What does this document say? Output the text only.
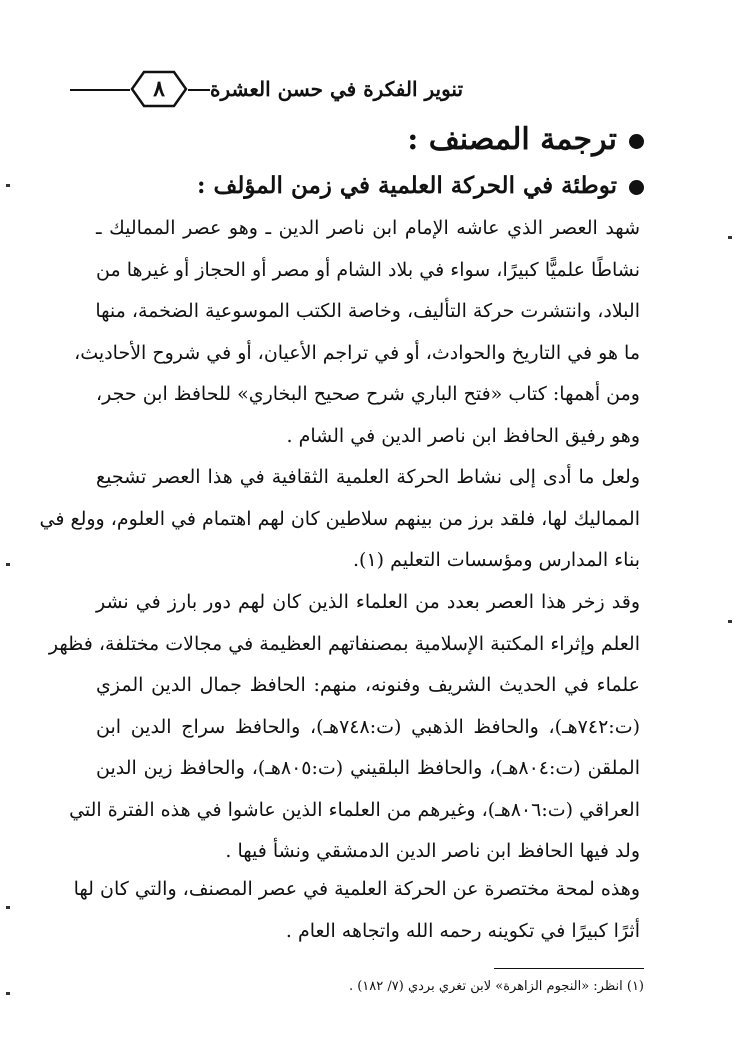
٨	تنوير الفكرة في حسن العشرة
ترجمة المصنف :
توطئة في الحركة العلمية في زمن المؤلف :
شهد العصر الذي عاشه الإمام ابن ناصر الدين ـ وهو عصر المماليك ـ
نشاطًا علميًّا كبيرًا، سواء في بلاد الشام أو مصر أو الحجاز أو غيرها من
البلاد، وانتشرت حركة التأليف، وخاصة الكتب الموسوعية الضخمة، منها
ما هو في التاريخ والحوادث، أو في تراجم الأعيان، أو في شروح الأحاديث،
ومن أهمها: كتاب «فتح الباري شرح صحيح البخاري» للحافظ ابن حجر،
وهو رفيق الحافظ ابن ناصر الدين في الشام .
ولعل ما أدى إلى نشاط الحركة العلمية الثقافية في هذا العصر تشجيع
المماليك لها، فلقد برز من بينهم سلاطين كان لهم اهتمام في العلوم، وولع في
بناء المدارس ومؤسسات التعليم (١).
وقد زخر هذا العصر بعدد من العلماء الذين كان لهم دور بارز في نشر
العلم وإثراء المكتبة الإسلامية بمصنفاتهم العظيمة في مجالات مختلفة، فظهر
علماء في الحديث الشريف وفنونه، منهم: الحافظ جمال الدين المزي
(ت:٧٤٢هـ)، والحافظ الذهبي (ت:٧٤٨هـ)، والحافظ سراج الدين ابن
الملقن (ت:٨٠٤هـ)، والحافظ البلقيني (ت:٨٠٥هـ)، والحافظ زين الدين
العراقي (ت:٨٠٦هـ)، وغيرهم من العلماء الذين عاشوا في هذه الفترة التي
ولد فيها الحافظ ابن ناصر الدين الدمشقي ونشأ فيها .
وهذه لمحة مختصرة عن الحركة العلمية في عصر المصنف، والتي كان لها
أثرًا كبيرًا في تكوينه رحمه الله واتجاهه العام .
(١) انظر: «النجوم الزاهرة» لابن تغري بردي (٧/ ١٨٢) .
